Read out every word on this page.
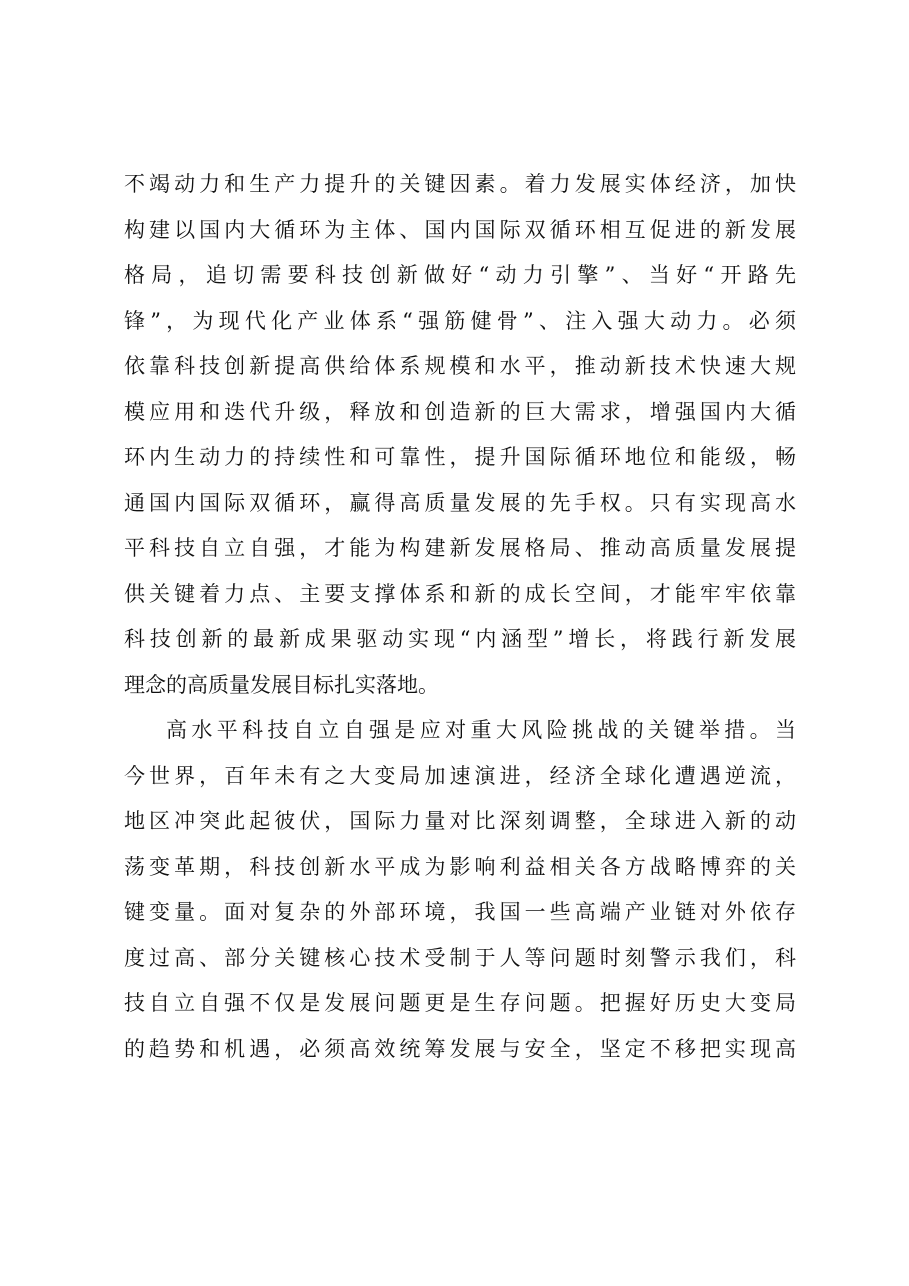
不竭动力和生产力提升的关键因素。着力发展实体经济，加快
构建以国内大循环为主体、国内国际双循环相互促进的新发展
格局，追切需要科技创新做好“动力引擎”、当好“开路先
锋”，为现代化产业体系“强筋健骨”、注入强大动力。必须
依靠科技创新提高供给体系规模和水平，推动新技术快速大规
模应用和迭代升级，释放和创造新的巨大需求，增强国内大循
环内生动力的持续性和可靠性，提升国际循环地位和能级，畅
通国内国际双循环，赢得高质量发展的先手权。只有实现高水
平科技自立自强，才能为构建新发展格局、推动高质量发展提
供关键着力点、主要支撑体系和新的成长空间，才能牢牢依靠
科技创新的最新成果驱动实现“内涵型”增长，将践行新发展
理念的高质量发展目标扎实落地。

高水平科技自立自强是应对重大风险挑战的关键举措。当
今世界，百年未有之大变局加速演进，经济全球化遭遇逆流，
地区冲突此起彼伏，国际力量对比深刻调整，全球进入新的动
荡变革期，科技创新水平成为影响利益相关各方战略博弈的关
键变量。面对复杂的外部环境，我国一些高端产业链对外依存
度过高、部分关键核心技术受制于人等问题时刻警示我们，科
技自立自强不仅是发展问题更是生存问题。把握好历史大变局
的趋势和机遇，必须高效统筹发展与安全，坚定不移把实现高
